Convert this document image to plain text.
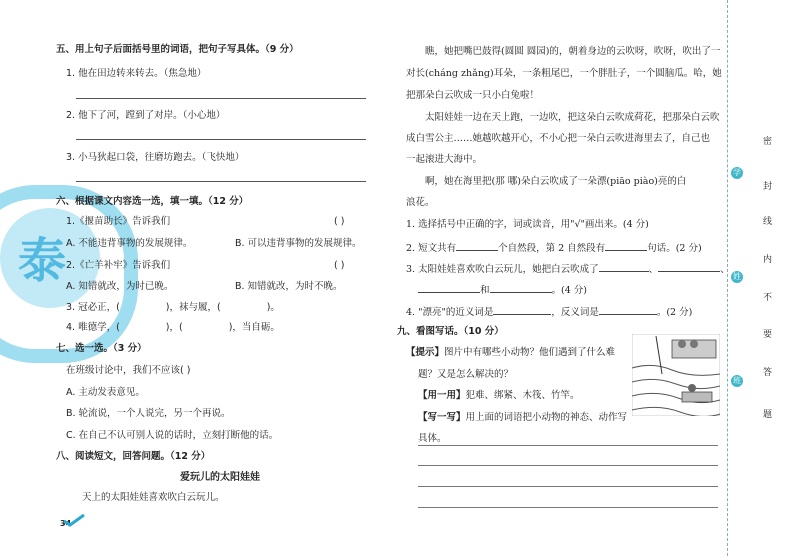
泰
五、用上句子后面括号里的词语，把句子写具体。（9 分）
1. 他在田边转来转去。（焦急地）
2. 他下了河，蹚到了对岸。（小心地）
3. 小马狄起口袋，往磨坊跑去。（飞快地）
六、根据课文内容选一选，填一填。（12 分）
1.《揠苗助长》告诉我们	( )
A. 不能违背事物的发展规律。	B. 可以违背事物的发展规律。
2.《亡羊补牢》告诉我们	( )
A. 知错就改，为时已晚。	B. 知错就改，为时不晚。
3. 冠必正，(	)，袜与履，(	)。
4. 唯德学，(	)，(	)，当自砺。
七、选一选。（3 分）
在班级讨论中，我们不应该( )
A. 主动发表意见。
B. 轮流说，一个人说完，另一个再说。
C. 在自己不认可别人说的话时，立刻打断他的话。
八、阅读短文，回答问题。（12 分）
爱玩儿的太阳娃娃
天上的太阳娃娃喜欢吹白云玩儿。
34
瞧，她把嘴巴鼓得(圆圆 圆园)的，朝着身边的云吹呀，吹呀，吹出了一
对长(cháng zhǎng)耳朵，一条粗尾巴，一个胖肚子，一个圆脑瓜。哈，她
把那朵白云吹成一只小白兔啦！
太阳娃娃一边在天上跑，一边吹，把这朵白云吹成荷花，把那朵白云吹
成白雪公主……她越吹越开心，不小心把一朵白云吹进海里去了，自己也
一起滚进大海中。
啊，她在海里把(那 哪)朵白云吹成了一朵漂(piāo piào)亮的白
浪花。
1. 选择括号中正确的字，词或读音，用"√"画出来。(4 分)
2. 短文共有	个自然段，第 2 自然段有	句话。(2 分)
3. 太阳娃娃喜欢吹白云玩儿，她把白云吹成了	、	、
和	。(4 分)
4. "漂亮"的近义词是	，反义词是	。(2 分)
九、看图写话。（10 分）
【提示】图片中有哪些小动物？他们遇到了什么难
题？又是怎么解决的？
【用一用】犯难、绑紧、木筏、竹竿。
【写一写】用上面的词语把小动物的神态、动作写
具体。
学
姓
班
密
封
线
内
不
要
答
题
